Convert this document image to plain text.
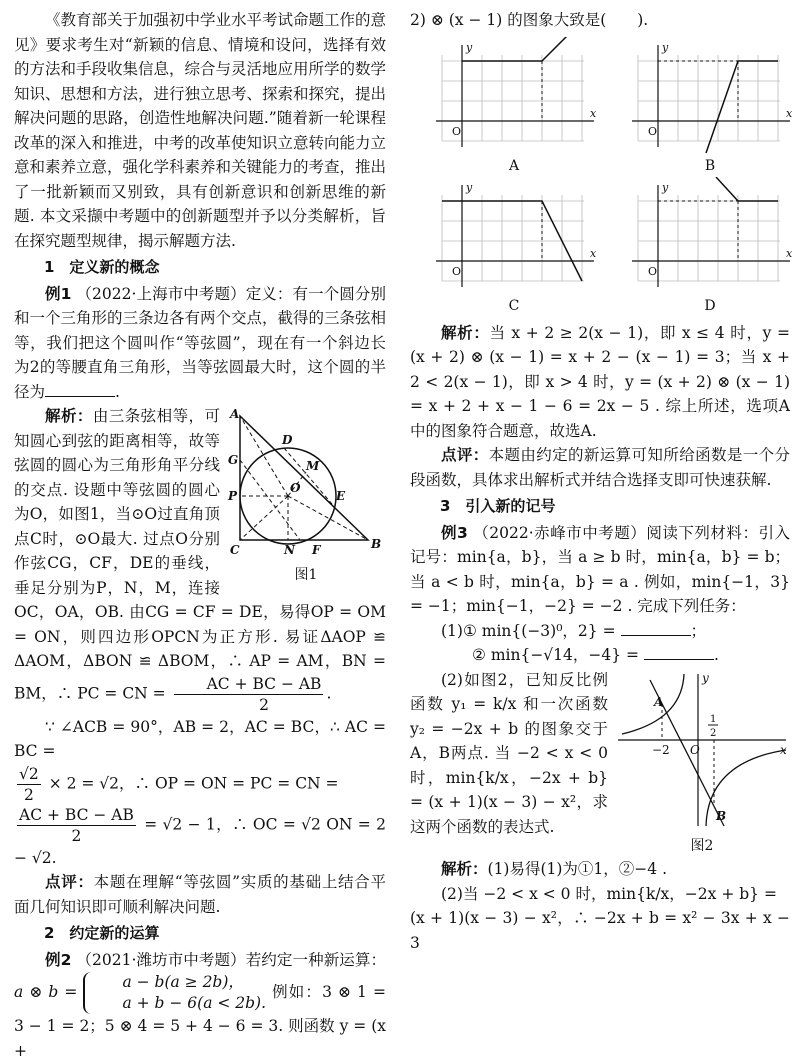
《教育部关于加强初中学业水平考试命题工作的意见》要求考生对“新颖的信息、情境和设问，选择有效的方法和手段收集信息，综合与灵活地应用所学的数学知识、思想和方法，进行独立思考、探索和探究，提出解决问题的思路，创造性地解决问题.”随着新一轮课程改革的深入和推进，中考的改革使知识立意转向能力立意和素养立意，强化学科素养和关键能力的考查，推出了一批新颖而又别致，具有创新意识和创新思维的新题. 本文采撷中考题中的创新题型并予以分类解析，旨在探究题型规律，揭示解题方法.

1　定义新的概念

例1 （2022·上海市中考题）定义：有一个圆分别和一个三角形的三条边各有两个交点，截得的三条弦相等，我们把这个圆叫作“等弦圆”，现在有一个斜边长为2的等腰直角三角形，当等弦圆最大时，这个圆的半径为	.

A
D
G	M
O
E
P
C	N F	B
图1

解析：由三条弦相等，可知圆心到弦的距离相等，故等弦圆的圆心为三角形角平分线的交点. 设题中等弦圆的圆心为O，如图1，当⊙O过直角顶点C时，⊙O最大. 过点O分别作弦CG，CF，DE的垂线，垂足分别为P，N，M，连接OC，OA，OB. 由CG = CF = DE，易得OP = OM = ON，则四边形OPCN为正方形. 易证ΔAOP ≌ ΔAOM，ΔBON ≌ ΔBOM，∴ AP = AM，BN = BM，∴ PC = CN = $\frac{AC + BC - AB}{2}$ .

∵ ∠ACB = 90°，AB = 2，AC = BC，∴ AC = BC =

$\frac{√2}{2} \times 2 = √2$，∴ OP = ON = PC = CN =

$\frac{AC + BC - AB}{2} = √2 - 1$，∴ OC = √2 ON = 2 − √2.

点评：本题在理解“等弦圆”实质的基础上结合平面几何知识即可顺利解决问题.

2　约定新的运算

例2 （2021·潍坊市中考题）若约定一种新运算： a ⊗ b =
a − b(a ≥ 2b)，
a + b − 6(a < 2b).
例如：3 ⊗ 1 = 3 − 1 = 2；5 ⊗ 4 = 5 + 4 − 6 = 3. 则函数 y = (x +

2) ⊗ (x − 1) 的图象大致是(　　).

y
x
O
A
y
x
O
B
y
x
O
C
y
x
O
D

解析：当 x + 2 ≥ 2(x − 1)，即 x ≤ 4 时，y = (x + 2) ⊗ (x − 1) = x + 2 − (x − 1) = 3；当 x + 2 < 2(x − 1)，即 x > 4 时，y = (x + 2) ⊗ (x − 1) = x + 2 + x − 1 − 6 = 2x − 5 . 综上所述，选项A中的图象符合题意，故选A.

点评：本题由约定的新运算可知所给函数是一个分段函数，具体求出解析式并结合选择支即可快速获解.

3　引入新的记号

例3 （2022·赤峰市中考题）阅读下列材料：引入记号：min{a，b}，当 a ≥ b 时，min{a，b} = b；当 a < b 时，min{a，b} = a . 例如，min{−1，3} = −1；min{−1，−2} = −2 . 完成下列任务：

(1)① min{(−3)⁰，2} =	；

② min{−√14，−4} =	.

A
B
O	x
y
−2
1
2
图2

(2)如图2，已知反比例函数 y₁ = k/x 和一次函数 y₂ = −2x + b 的图象交于A，B两点. 当 −2 < x < 0 时，min{k/x，−2x + b} = (x + 1)(x − 3) − x²，求这两个函数的表达式.

解析：(1)易得(1)为①1，②−4 .

(2)当 −2 < x < 0 时，min{k/x，−2x + b} =

(x + 1)(x − 3) − x²，∴ −2x + b = x² − 3x + x − 3
